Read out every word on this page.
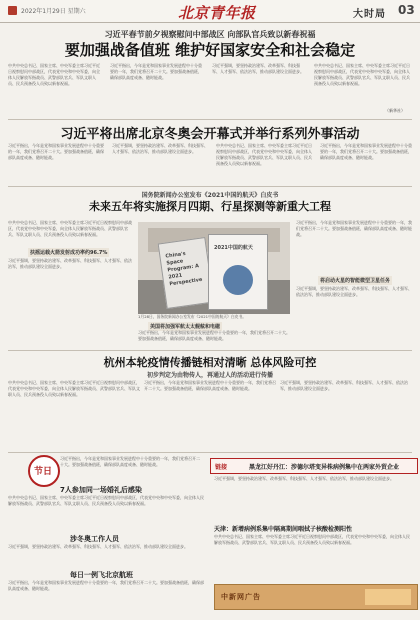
2022年1月29日 星期六	北京青年报	大时局 03
习近平春节前夕视察慰问中部战区 向部队官兵致以新春祝福
要加强战备值班 维护好国家安全和社会稳定
中共中央总书记、国家主席、中央军委主席习近平近日视察慰问中部战区，代表党中央和中央军委，向全体人民解放军指战员、武警部队官兵、军队文职人员、民兵预备役人员致以新春祝福。
习近平指出，今年是党和国家事业发展进程中十分重要的一年，我们党将召开二十大。要加强战备值班，确保部队高度戒备、随时能战。
习近平强调，要坚持政治建军、改革强军、科技强军、人才强军、依法治军，推动部队建设全面进步。
中共中央总书记、国家主席、中央军委主席习近平近日视察慰问中部战区，代表党中央和中央军委，向全体人民解放军指战员、武警部队官兵、军队文职人员、民兵预备役人员致以新春祝福。
（新华社）
习近平将出席北京冬奥会开幕式并举行系列外事活动
习近平指出，今年是党和国家事业发展进程中十分重要的一年，我们党将召开二十大。要加强战备值班，确保部队高度戒备、随时能战。
习近平强调，要坚持政治建军、改革强军、科技强军、人才强军、依法治军，推动部队建设全面进步。
中共中央总书记、国家主席、中央军委主席习近平近日视察慰问中部战区，代表党中央和中央军委，向全体人民解放军指战员、武警部队官兵、军队文职人员、民兵预备役人员致以新春祝福。
习近平指出，今年是党和国家事业发展进程中十分重要的一年，我们党将召开二十大。要加强战备值班，确保部队高度戒备、随时能战。
国务院新闻办公室发布《2021中国的航天》白皮书
未来五年将实施探月四期、行星探测等新重大工程
中共中央总书记、国家主席、中央军委主席习近平近日视察慰问中部战区，代表党中央和中央军委，向全体人民解放军指战员、武警部队官兵、军队文职人员、民兵预备役人员致以新春祝福。
扶摇运载火箭发射成功率约96.7%
习近平强调，要坚持政治建军、改革强军、科技强军、人才强军、依法治军，推动部队建设全面进步。
China's Space Program: A 2021 Perspective
2021中国的航天
1月28日，国务院新闻办公室发布《2021中国的航天》白皮书。
美国将加强军航太太舰舷和电磁
习近平指出，今年是党和国家事业发展进程中十分重要的一年，我们党将召开二十大。要加强战备值班，确保部队高度戒备、随时能战。
习近平指出，今年是党和国家事业发展进程中十分重要的一年，我们党将召开二十大。要加强战备值班，确保部队高度戒备、随时能战。
将启动火星的智能微型卫星任务
习近平强调，要坚持政治建军、改革强军、科技强军、人才强军、依法治军，推动部队建设全面进步。
杭州本轮疫情传播链相对清晰 总体风险可控
初步判定为由物传人，再通过人的活动进行传播
中共中央总书记、国家主席、中央军委主席习近平近日视察慰问中部战区，代表党中央和中央军委，向全体人民解放军指战员、武警部队官兵、军队文职人员、民兵预备役人员致以新春祝福。
习近平指出，今年是党和国家事业发展进程中十分重要的一年，我们党将召开二十大。要加强战备值班，确保部队高度戒备、随时能战。
习近平强调，要坚持政治建军、改革强军、科技强军、人才强军、依法治军，推动部队建设全面进步。
节日
习近平指出，今年是党和国家事业发展进程中十分重要的一年，我们党将召开二十大。要加强战备值班，确保部队高度戒备、随时能战。
7人参加同一场婚礼后感染
中共中央总书记、国家主席、中央军委主席习近平近日视察慰问中部战区，代表党中央和中央军委，向全体人民解放军指战员、武警部队官兵、军队文职人员、民兵预备役人员致以新春祝福。
涉冬奥工作人员
习近平强调，要坚持政治建军、改革强军、科技强军、人才强军、依法治军，推动部队建设全面进步。
每日一例飞北京航班
习近平指出，今年是党和国家事业发展进程中十分重要的一年，我们党将召开二十大。要加强战备值班，确保部队高度戒备、随时能战。
链接	黑龙江好丹江：涉德尔塔变异株病例集中在两家外贸企业
习近平强调，要坚持政治建军、改革强军、科技强军、人才强军、依法治军，推动部队建设全面进步。
天津：新增病例系集中隔离期间咽拭子核酸检测阳性
中共中央总书记、国家主席、中央军委主席习近平近日视察慰问中部战区，代表党中央和中央军委，向全体人民解放军指战员、武警部队官兵、军队文职人员、民兵预备役人员致以新春祝福。
中新网广告
